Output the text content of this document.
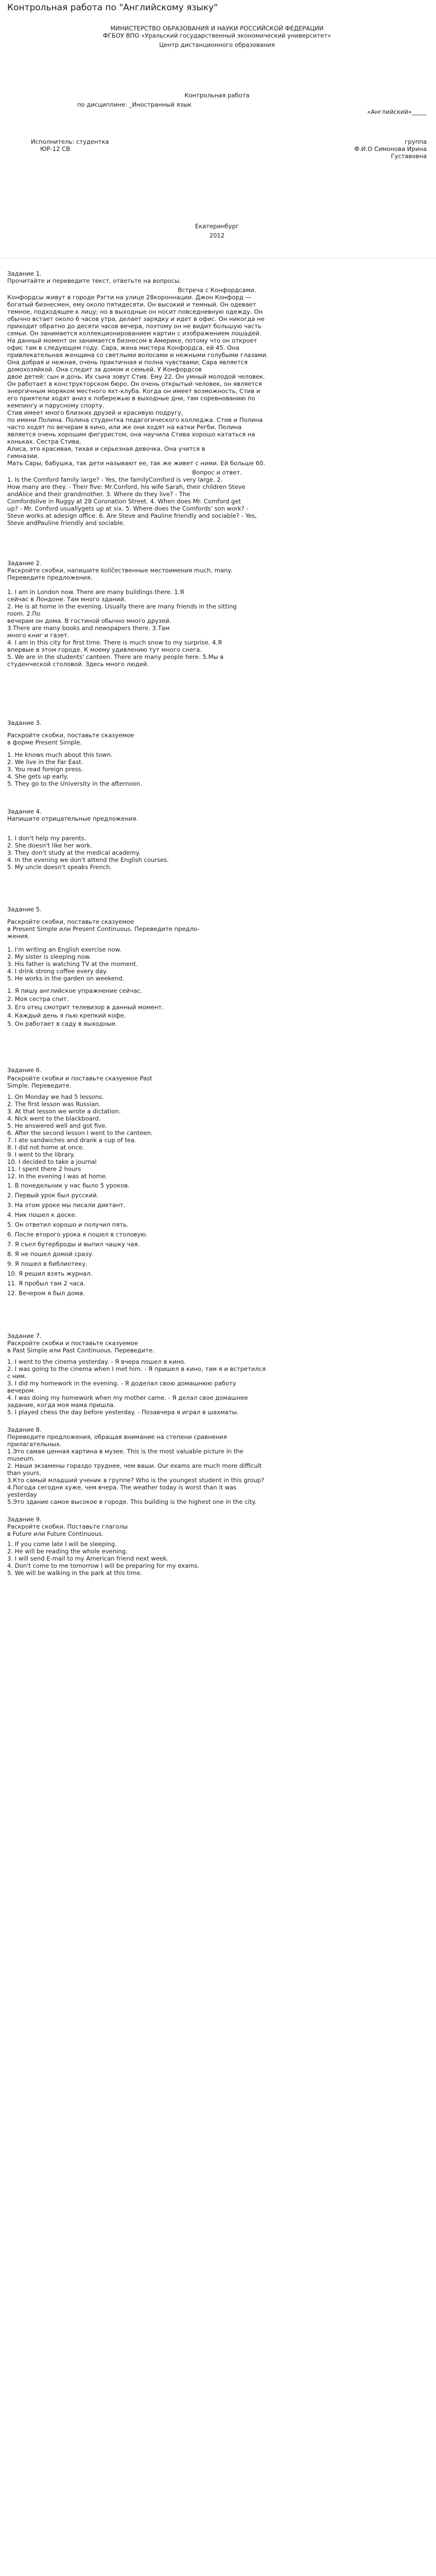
Контрольная работа по "Английскому языку"
МИНИСТЕРСТВО ОБРАЗОВАНИЯ И НАУКИ РОССИЙСКОЙ ФЕДЕРАЦИИ
ФГБОУ ВПО «Уральский государственный экономический университет»
Центр дистанционного образования
Контрольная работа
по дисциплине: _Иностранный язык
«Английский»_____
Исполнитель: студентка	группа
ЮР-12 СВ	Ф.И.О Симонова Ирина
Густавовна
Екатеринбург
2012
Задание 1.
Прочитайте и переведите текст, ответьте на вопросы.
Встреча с Конфордсами.
Конфордсы живут в городе Рэгти на улице 28короннации. Джон Конфорд —
богатый бизнесмен, ему около пятидесяти. Он высокий и темный. Он одевает
темное, подходящее к лицу; но в выходные он носит повседневную одежду. Он
обычно встает около 6 часов утра, делает зарядку и идет в офис. Он никогда не
приходит обратно до десяти часов вечера, поэтому он не видит большую часть
семьи. Он занимается коллекционированием картин с изображением лошадей.
На данный момент он занимается бизнесом в Америке, потому что он откроет
офис там в следующем году. Сара, жена мистера Конфордса, ей 45. Она
привлекательная женщина со светлыми волосами и нежными голубыми глазами.
Она добрая и нежная, очень практичная и полна чувствами; Сара является
домохозяйкой. Она следит за домом и семьей. У Конфордсов
двое детей: сын и дочь. Их сына зовут Стив. Ему 22. Он умный молодой человек.
Он работает в конструкторском бюро. Он очень открытый человек, он является
энергичным моряком местного яхт-клуба. Когда он имеет возможность, Стив и
его приятели ходят аниз к побережью в выходные дни, там соревнованию по
кемпингу и парусному спорту.
Стив имеет много близких друзей и красивую подругу,
по имени Полина. Полина студентка педагогического колледжа. Стив и Полина
часто ходят по вечерам в кино, или же они ходят на катки Регби. Полина
является очень хорошим фигуристом, она научила Стива хорошо кататься на
коньках. Сестра Стива,
Алиса, это красивая, тихая и серьезная девочка. Она учится в
гимназии.
Мать Сары, бабушка, так дети называют ее, так же живет с ними. Ей больше 60.
Вопрос и ответ.
1. Is the Comford family large? - Yes, the familyComford is very large. 2.
How many are they. - Their five: Mr.Conford, his wife Sarah, their children Steve
andAlice and their grandmother. 3. Where do they live? - The
Comfordslive in Ruggy at 28 Coronation Street. 4. When does Mr. Comford get
up? - Mr. Conford usuallygets up at six. 5. Where does the Comfords' son work? -
Steve works at adesign office. 6. Are Steve and Pauline friendly and sociable? - Yes,
Steve andPauline friendly and sociable.
Задание 2.
Раскройте скобки, напишите količественные местоимения much, many.
Переведите предложения.
1. I am in London now. There are many buildings there. 1.Я
сейчас в Лондоне. Там много зданий.
2. He is at home in the evening. Usually there are many friends in the sitting
room. 2.По
вечерам он дома. В гостиной обычно много друзей.
3.There are many books and newspapers there. 3.Там
много книг и газет.
4. I am in this city for first time. There is much snow to my surprise. 4.Я
впервые в этом городе. К моему удивлению тут много снега.
5. We are in the students' canteen. There are many people here. 5.Мы в
студенческой столовой. Здесь много людей.
Задание 3.
Раскройте скобки, поставьте сказуемое
в форме Present Simple.
1. He knows much about this town.
2. We live in the Far East.
3. You read foreign press.
4. She gets up early.
5. They go to the University in the afternoon.
Задание 4.
Напишите отрицательные предложения.
1. I don't help my parents.
2. She doesn't like her work.
3. They don't study at the medical academy.
4. In the evening we don't attend the English courses.
5. My uncle doesn't speaks French.
Задание 5.
Раскройте скобки, поставьте сказуемое
в Present Simple или Present Continuous. Переведите предло-
жения.
1. I'm writing an English exercise now.
2. My sister is sleeping now.
3. His father is watching TV at the moment.
4. I drink strong coffee every day.
5. He works in the garden on weekend.
1. Я пишу английское упражнение сейчас.
2. Моя сестра спит.
3. Его отец смотрит телевизор в данный момент.
4. Каждый день я пью крепкий кофе.
5. Он работает в саду в выходные.
Задание 6.
Раскройте скобки и поставьте сказуемое Past
Simple. Переведите.
1. On Monday we had 5 lessons.
2. The first lesson was Russian.
3. At that lesson we wrote a dictation.
4. Nick went to the blackboard.
5. He answered well and got five.
6. After the second lesson I went to the canteen.
7. I ate sandwiches and drank a cup of tea.
8. I did not home at once.
9. I went to the library.
10. I decided to take a journal
11. I spent there 2 hours
12. In the evening I was at home.
1. В понедельник у нас было 5 уроков.
2. Первый урок был русский.
3. На этом уроке мы писали диктант.
4. Ник пошел к доске.
5. Он ответил хорошо и получил пять.
6. После второго урока я пошел в столовую.
7. Я съел бутерброды и выпил чашку чая.
8. Я не пошел домой сразу.
9. Я пошел в библиотеку.
10. Я решил взять журнал.
11. Я пробыл там 2 часа.
12. Вечером я был дома.
Задание 7.
Раскройте скобки и поставьте сказуемое
в Past Simple или Past Continuous. Переведите.
1. I went to the cinema yesterday. - Я вчера пошел в кино.
2. I was going to the cinema when I met him. - Я пришел в кино, там я и встретился
с ним.
3. I did my homework in the evening. - Я доделал свою домашнюю работу
вечером.
4. I was doing my homework when my mother came. - Я делал свое домашнее
задание, когда моя мама пришла.
5. I played chess the day before yesterday. - Позавчера я играл в шахматы.
Задание 8.
Переведите предложения, обращая внимание на степени сравнения
прилагательных.
1.Это самая ценная картина в музее. This is the most valuable picture in the
museum.
2. Наши экзамены гораздо труднее, чем ваши. Our exams are much more difficult
than yours.
3.Кто самый младший ученик в группе? Who is the youngest student in this group?
4.Погода сегодня хуже, чем вчера. The weather today is worst than it was
yesterday
5.Это здание самое высокое в городе. This building is the highest one in the city.
Задание 9.
Раскройте скобки. Поставьте глаголы
в Future или Future Continuous.
1. If you come late I will be sleeping.
2. He will be reading the whole evening.
3. I will send E-mail to my American friend next week.
4. Don't come to me tomorrow I will be preparing for my exams.
5. We will be walking in the park at this time.
